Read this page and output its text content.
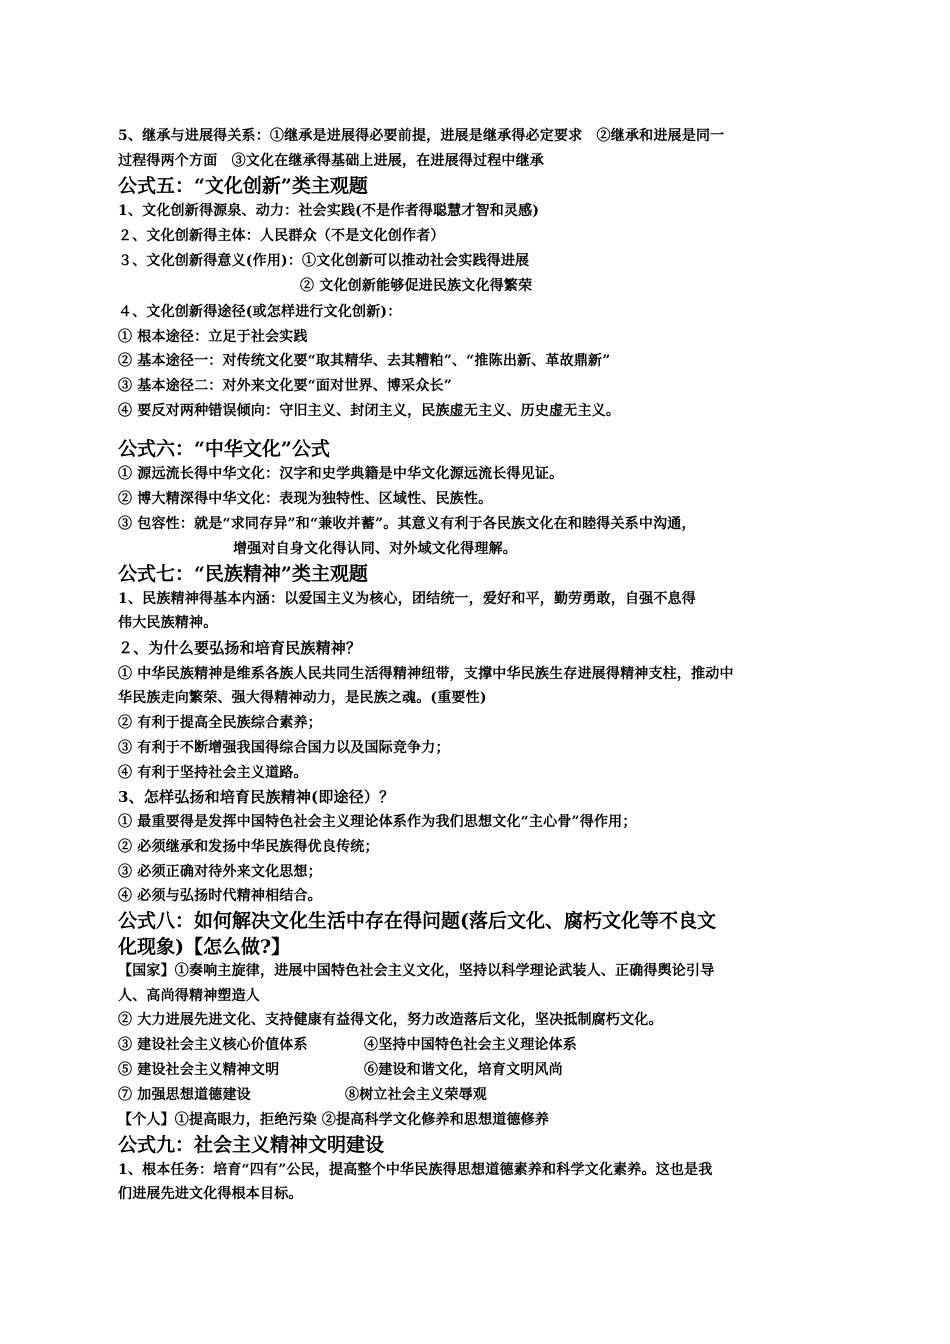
5、继承与进展得关系：①继承是进展得必要前提，进展是继承得必定要求　②继承和进展是同一
过程得两个方面　③文化在继承得基础上进展，在进展得过程中继承
公式五：“文化创新”类主观题
1、文化创新得源泉、动力：社会实践(不是作者得聪慧才智和灵感)
２、文化创新得主体：人民群众（不是文化创作者）
３、文化创新得意义(作用)：①文化创新可以推动社会实践得进展
② 文化创新能够促进民族文化得繁荣
４、文化创新得途径(或怎样进行文化创新)：
① 根本途径：立足于社会实践
② 基本途径一：对传统文化要“取其精华、去其糟粕”、“推陈出新、革故鼎新”
③ 基本途径二：对外来文化要“面对世界、博采众长”
④ 要反对两种错误倾向：守旧主义、封闭主义，民族虚无主义、历史虚无主义。
公式六：“中华文化”公式
① 源远流长得中华文化：汉字和史学典籍是中华文化源远流长得见证。
② 博大精深得中华文化：表现为独特性、区域性、民族性。
③ 包容性：就是“求同存异”和“兼收并蓄”。其意义有利于各民族文化在和睦得关系中沟通，
增强对自身文化得认同、对外域文化得理解。
公式七：“民族精神”类主观题
1、民族精神得基本内涵：以爱国主义为核心，团结统一，爱好和平，勤劳勇敢，自强不息得
伟大民族精神。
２、为什么要弘扬和培育民族精神？
① 中华民族精神是维系各族人民共同生活得精神纽带，支撑中华民族生存进展得精神支柱，推动中
华民族走向繁荣、强大得精神动力，是民族之魂。(重要性)
② 有利于提高全民族综合素养；
③ 有利于不断增强我国得综合国力以及国际竞争力；
④ 有利于坚持社会主义道路。
3、怎样弘扬和培育民族精神(即途径）？
① 最重要得是发挥中国特色社会主义理论体系作为我们思想文化“主心骨”得作用；
② 必须继承和发扬中华民族得优良传统；
③ 必须正确对待外来文化思想；
④ 必须与弘扬时代精神相结合。
公式八：如何解决文化生活中存在得问题(落后文化、腐朽文化等不良文
化现象)【怎么做?】
【国家】①奏响主旋律，进展中国特色社会主义文化，坚持以科学理论武装人、正确得舆论引导
人、高尚得精神塑造人
② 大力进展先进文化、支持健康有益得文化，努力改造落后文化，坚决抵制腐朽文化。
③ 建设社会主义核心价值体系	④坚持中国特色社会主义理论体系
⑤ 建设社会主义精神文明	⑥建设和谐文化，培育文明风尚
⑦ 加强思想道德建设	⑧树立社会主义荣辱观
【个人】①提高眼力，拒绝污染 ②提高科学文化修养和思想道德修养
公式九：社会主义精神文明建设
1、根本任务：培育“四有”公民，提高整个中华民族得思想道德素养和科学文化素养。这也是我
们进展先进文化得根本目标。
